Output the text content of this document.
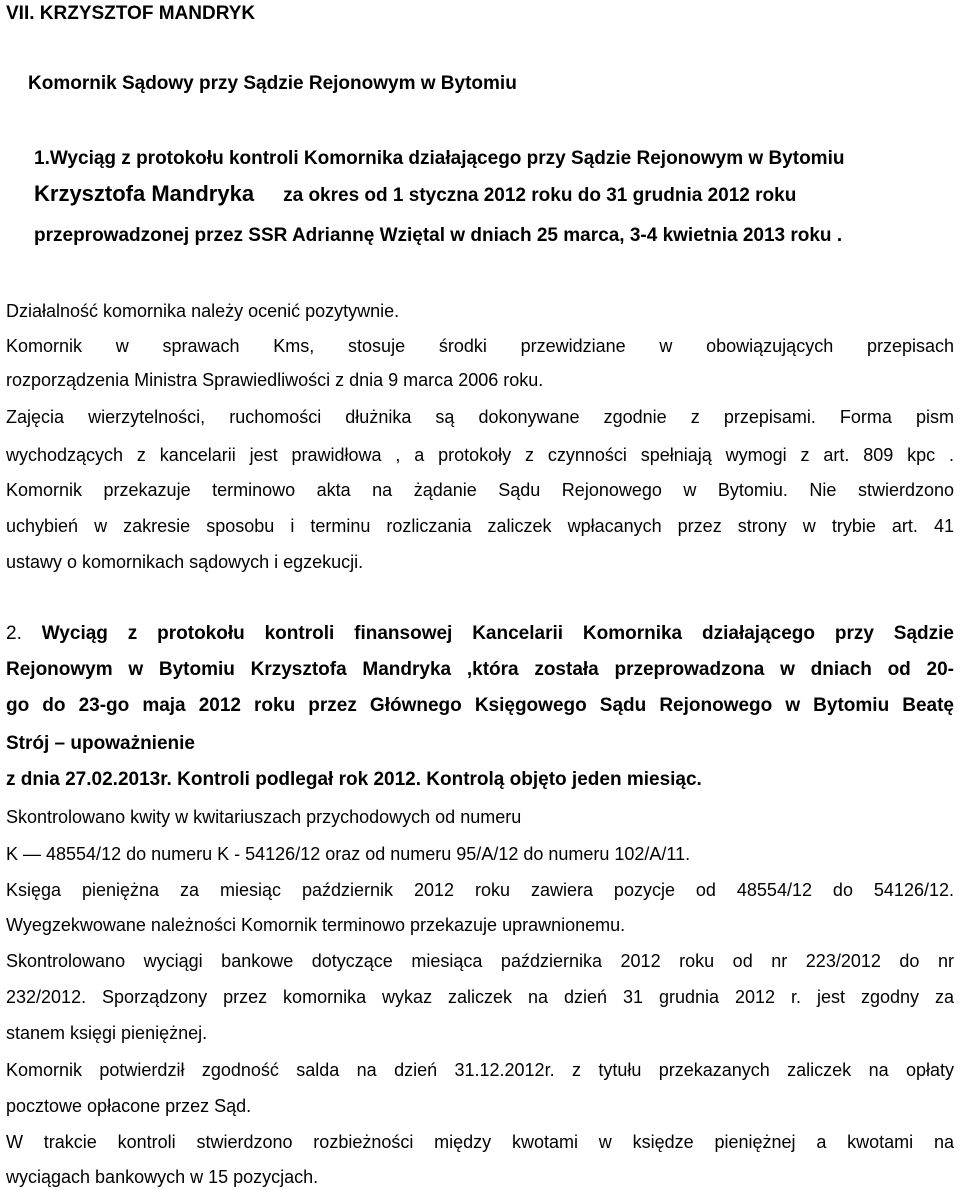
VII. KRZYSZTOF MANDRYK
Komornik Sądowy przy Sądzie Rejonowym w Bytomiu
1.Wyciąg z protokołu kontroli Komornika działającego przy Sądzie Rejonowym w Bytomiu
Krzysztofa Mandryka za okres od 1 styczna 2012 roku do 31 grudnia 2012 roku
przeprowadzonej przez SSR Adriannę Wziętal w dniach 25 marca, 3-4 kwietnia 2013 roku .
Działalność komornika należy ocenić pozytywnie.
Komornik w sprawach Kms, stosuje środki przewidziane w obowiązujących przepisach
rozporządzenia Ministra Sprawiedliwości z dnia 9 marca 2006 roku.
Zajęcia wierzytelności, ruchomości dłużnika są dokonywane zgodnie z przepisami. Forma pism
wychodzących z kancelarii jest prawidłowa , a protokoły z czynności spełniają wymogi z art. 809 kpc .
Komornik przekazuje terminowo akta na żądanie Sądu Rejonowego w Bytomiu. Nie stwierdzono
uchybień w zakresie sposobu i terminu rozliczania zaliczek wpłacanych przez strony w trybie art. 41
ustawy o komornikach sądowych i egzekucji.
2. Wyciąg z protokołu kontroli finansowej Kancelarii Komornika działającego przy Sądzie
Rejonowym w Bytomiu Krzysztofa Mandryka ,która została przeprowadzona w dniach od 20-
go do 23-go maja 2012 roku przez Głównego Księgowego Sądu Rejonowego w Bytomiu Beatę
Strój – upoważnienie
z dnia 27.02.2013r. Kontroli podlegał rok 2012. Kontrolą objęto jeden miesiąc.
Skontrolowano kwity w kwitariuszach przychodowych od numeru
K — 48554/12 do numeru K - 54126/12 oraz od numeru 95/A/12 do numeru 102/A/11.
Księga pieniężna za miesiąc październik 2012 roku zawiera pozycje od 48554/12 do 54126/12.
Wyegzekwowane należności Komornik terminowo przekazuje uprawnionemu.
Skontrolowano wyciągi bankowe dotyczące miesiąca października 2012 roku od nr 223/2012 do nr
232/2012. Sporządzony przez komornika wykaz zaliczek na dzień 31 grudnia 2012 r. jest zgodny za
stanem księgi pieniężnej.
Komornik potwierdził zgodność salda na dzień 31.12.2012r. z tytułu przekazanych zaliczek na opłaty
pocztowe opłacone przez Sąd.
W trakcie kontroli stwierdzono rozbieżności między kwotami w księdze pieniężnej a kwotami na
wyciągach bankowych w 15 pozycjach.
